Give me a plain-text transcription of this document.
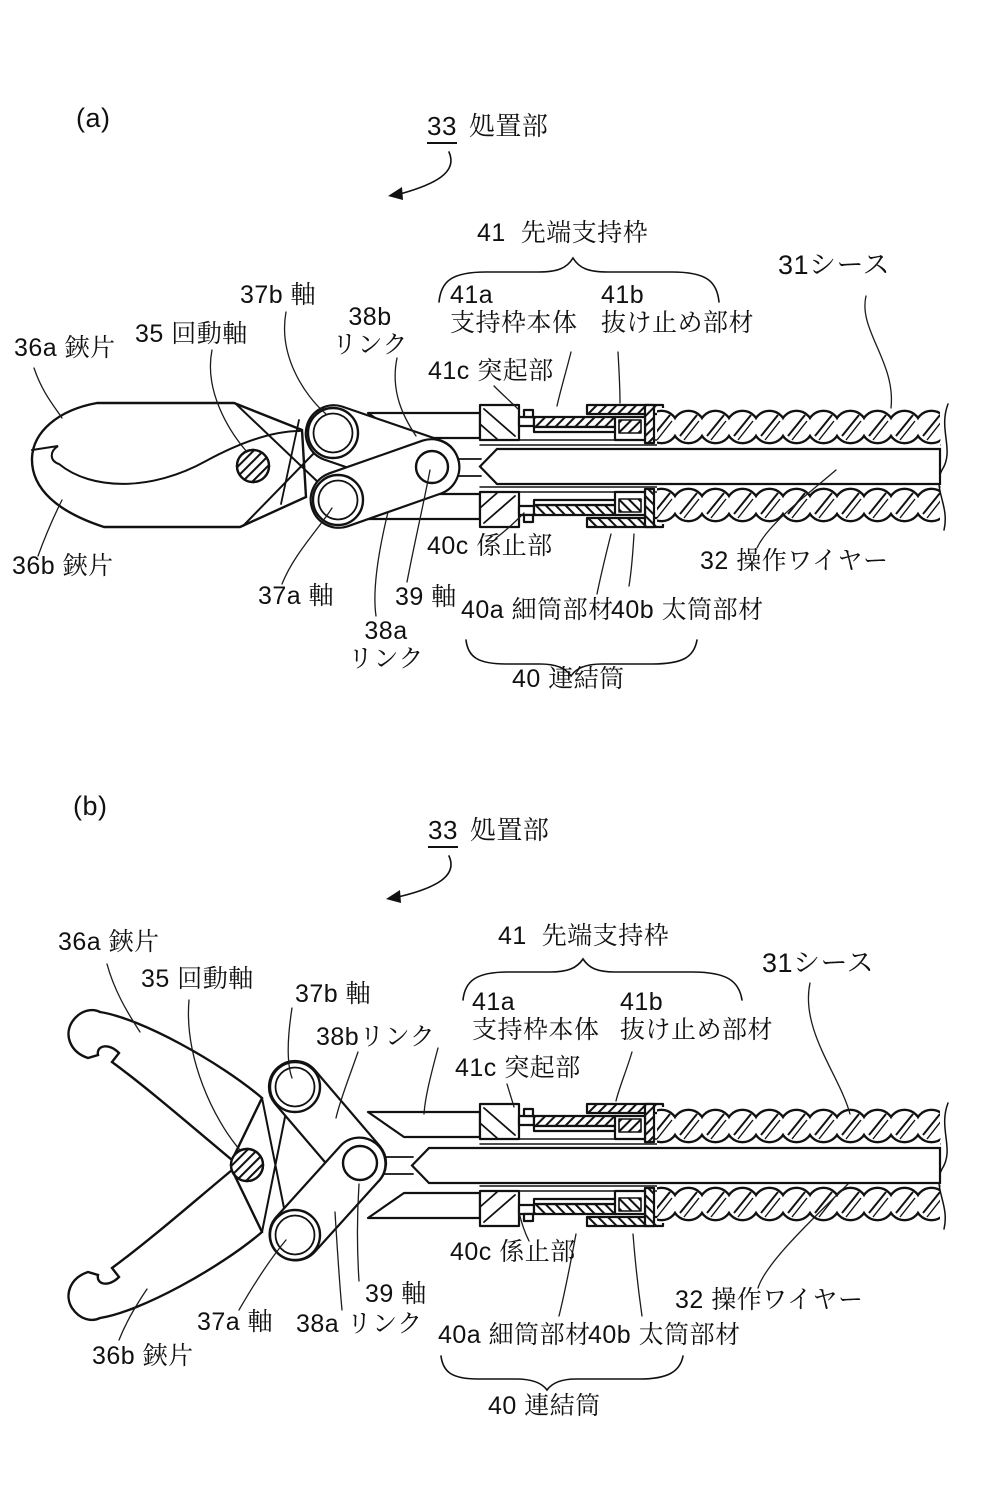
(a)	33 処置部
41  先端支持枠
31シース
41a
支持枠本体
41b
抜け止め部材
41c 突起部
37b 軸
38b
リンク
35 回動軸
36a 鋏片
36b 鋏片
40c 係止部
37a 軸 39 軸
38a
リンク
40a 細筒部材
40b 太筒部材
32 操作ワイヤー
40 連結筒
(b)
33 処置部
36a 鋏片
35 回動軸
37b 軸
38bリンク
41  先端支持枠
31シース
41a
支持枠本体
41b
抜け止め部材
41c 突起部
40c 係止部
37a 軸 38a リンク
39 軸
36b 鋏片
32 操作ワイヤー
40a 細筒部材
40b 太筒部材
40 連結筒
